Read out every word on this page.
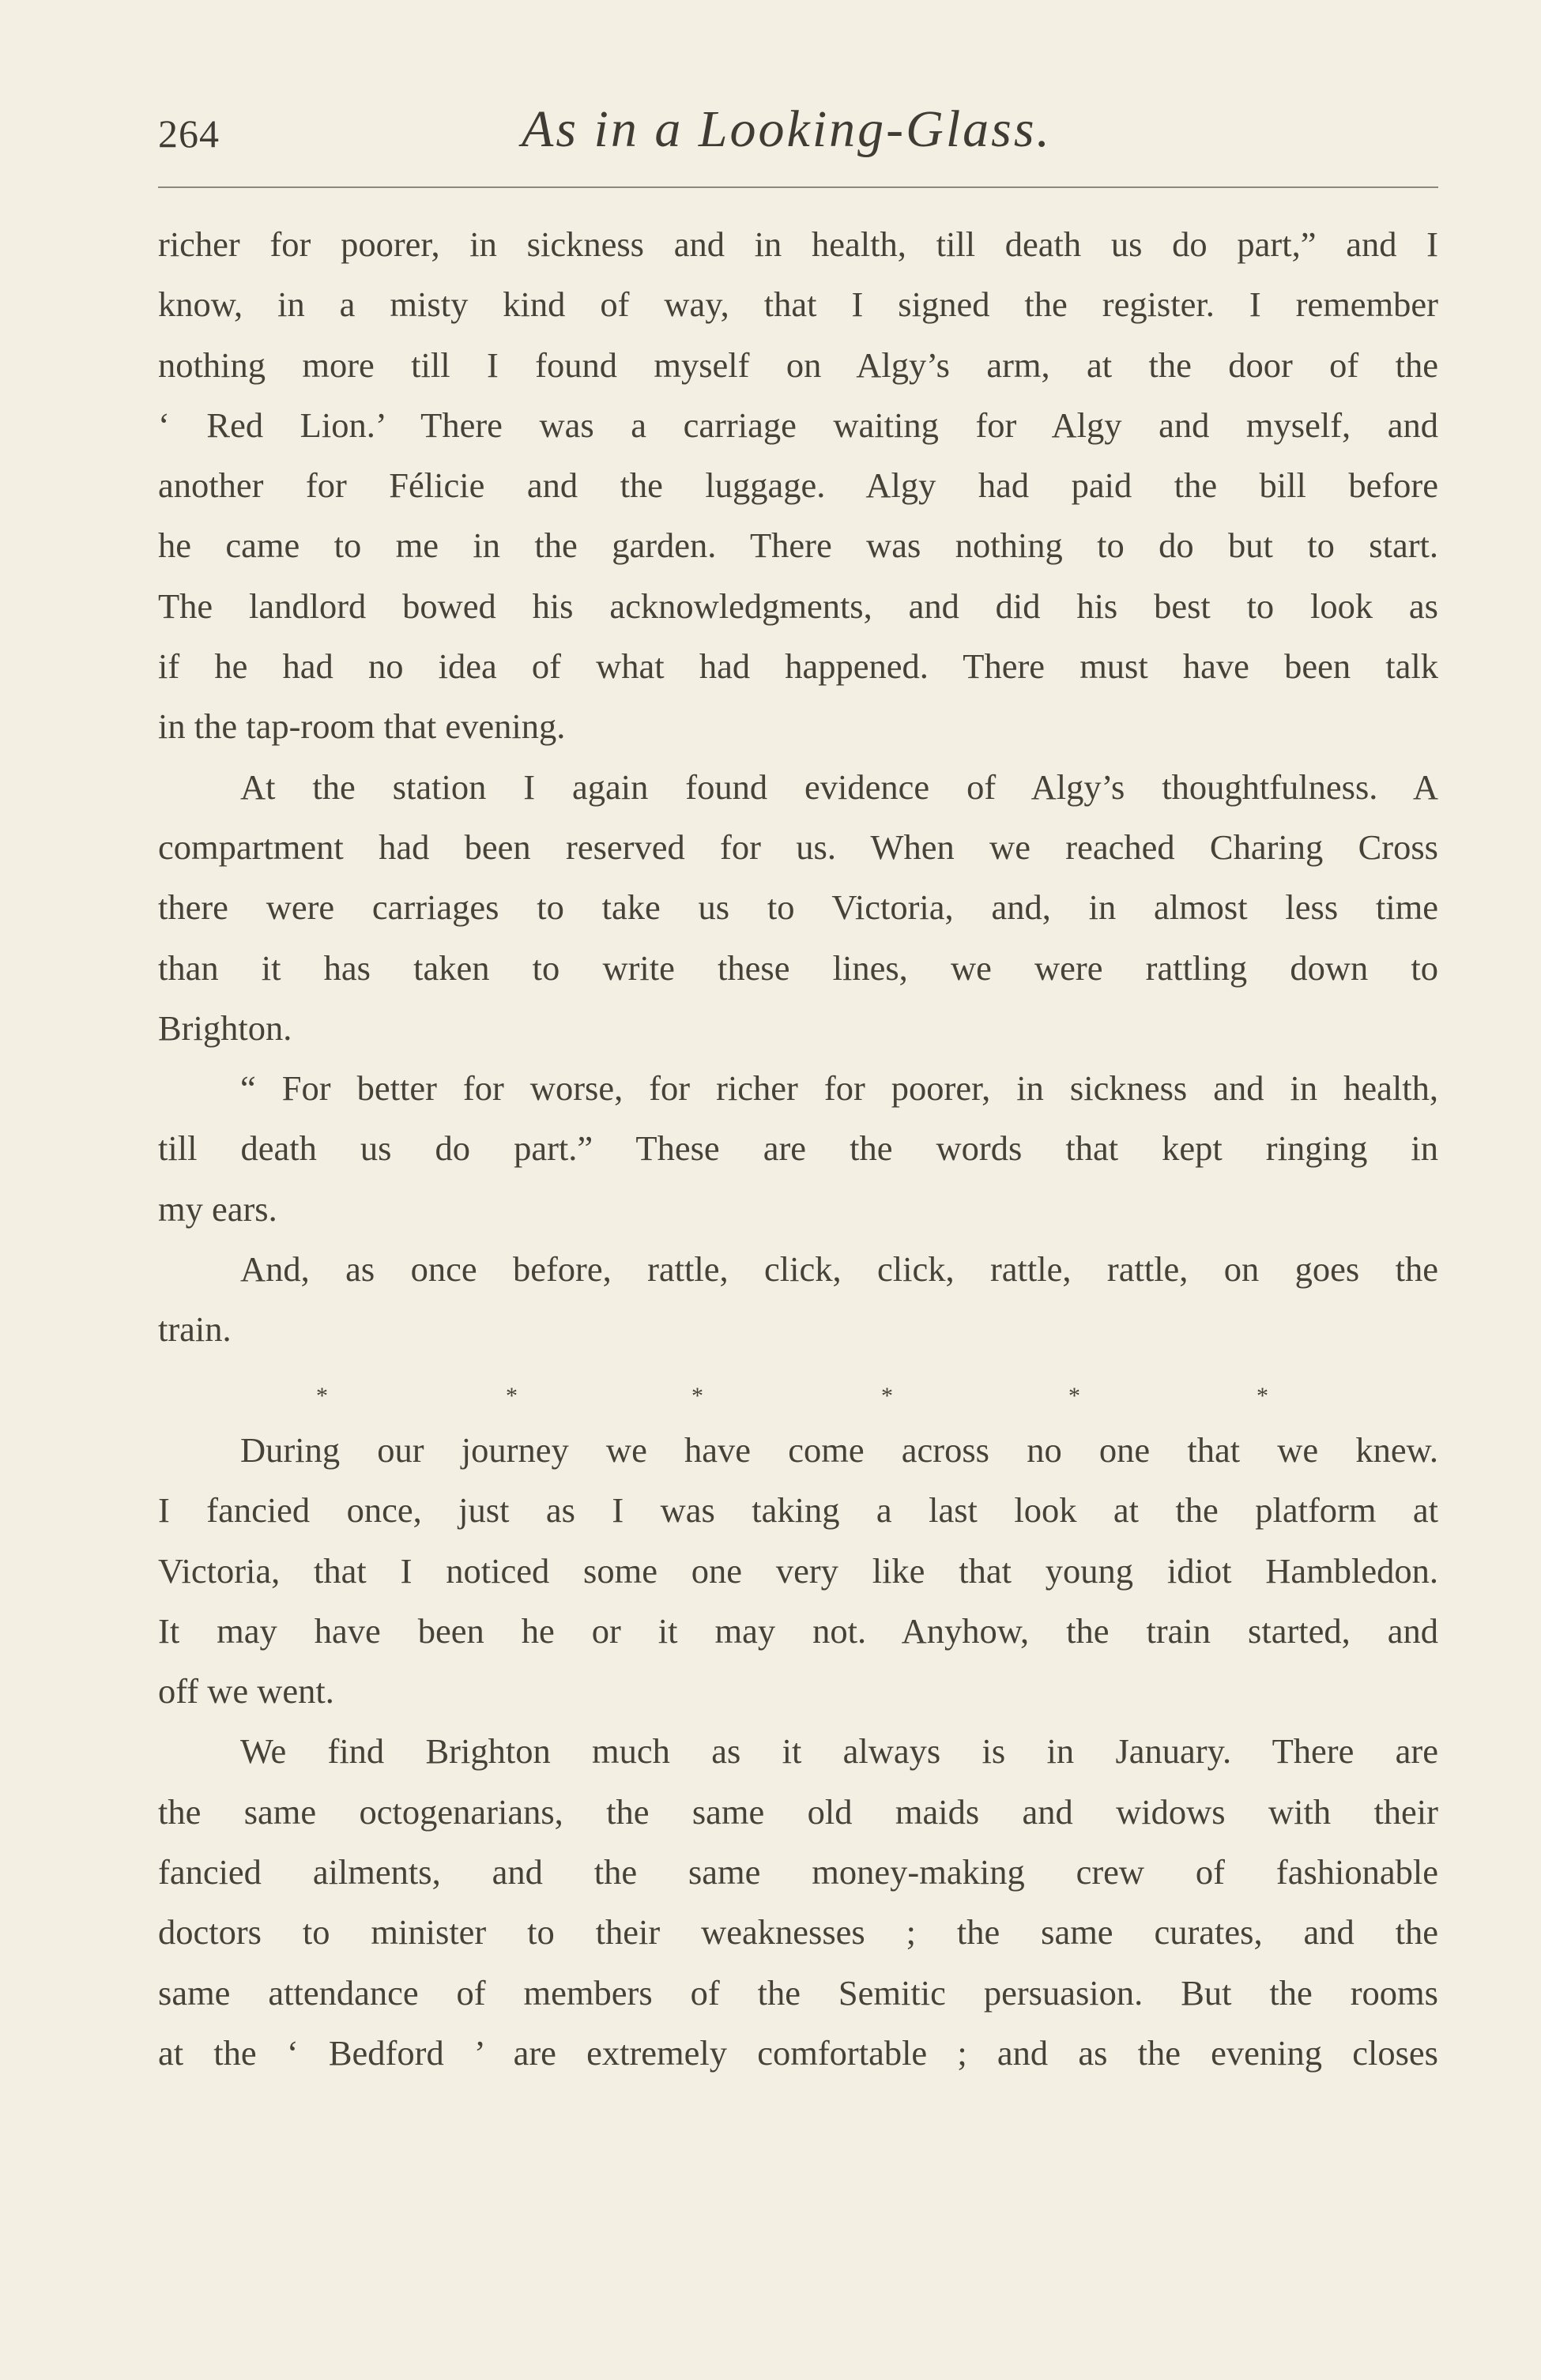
264	As in a Looking-Glass.
richer for poorer, in sickness and in health, till death us do part,” and I
know, in a misty kind of way, that I signed the register. I remember
nothing more till I found myself on Algy’s arm, at the door of the
‘ Red Lion.’ There was a carriage waiting for Algy and myself, and
another for Félicie and the luggage. Algy had paid the bill before
he came to me in the garden. There was nothing to do but to start.
The landlord bowed his acknowledgments, and did his best to look as
if he had no idea of what had happened. There must have been talk
in the tap-room that evening.
At the station I again found evidence of Algy’s thoughtfulness. A
compartment had been reserved for us. When we reached Charing Cross
there were carriages to take us to Victoria, and, in almost less time
than it has taken to write these lines, we were rattling down to
Brighton.
“ For better for worse, for richer for poorer, in sickness and in health,
till death us do part.” These are the words that kept ringing in
my ears.
And, as once before, rattle, click, click, rattle, rattle, on goes the
train.
*	*	*	*	*	*
During our journey we have come across no one that we knew.
I fancied once, just as I was taking a last look at the platform at
Victoria, that I noticed some one very like that young idiot Hambledon.
It may have been he or it may not. Anyhow, the train started, and
off we went.
We find Brighton much as it always is in January. There are
the same octogenarians, the same old maids and widows with their
fancied ailments, and the same money-making crew of fashionable
doctors to minister to their weaknesses ; the same curates, and the
same attendance of members of the Semitic persuasion. But the rooms
at the ‘ Bedford ’ are extremely comfortable ; and as the evening closes
